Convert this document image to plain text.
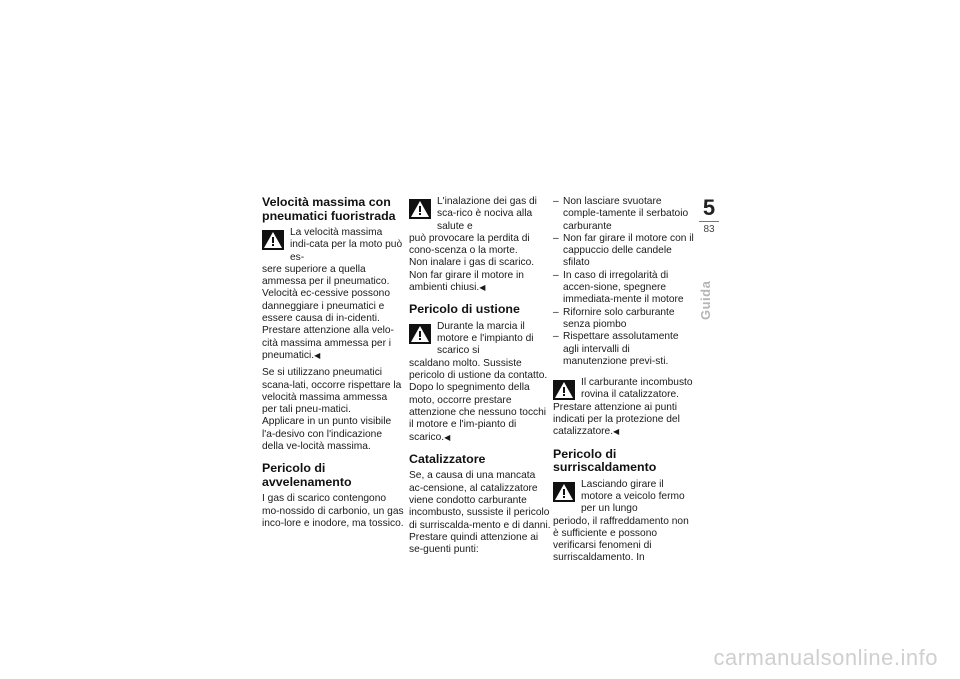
Velocità massima con pneumatici fuoristrada
La velocità massima indi-cata per la moto può es-

sere superiore a quella ammessa per il pneumatico. Velocità ec-cessive possono danneggiare i pneumatici e essere causa di in-cidenti.

Prestare attenzione alla velo-cità massima ammessa per i pneumatici.◀

Se si utilizzano pneumatici scana-lati, occorre rispettare la velocità massima ammessa per tali pneu-matici.

Applicare in un punto visibile l'a-desivo con l'indicazione della ve-locità massima.

Pericolo di avvelenamento

I gas di scarico contengono mo-nossido di carbonio, un gas inco-lore e inodore, ma tossico.

L'inalazione dei gas di sca-rico è nociva alla salute e

può provocare la perdita di cono-scenza o la morte.

Non inalare i gas di scarico. Non far girare il motore in ambienti chiusi.◀

Pericolo di ustione
Durante la marcia il motore e l'impianto di scarico si

scaldano molto. Sussiste pericolo di ustione da contatto.

Dopo lo spegnimento della moto, occorre prestare attenzione che nessuno tocchi il motore e l'im-pianto di scarico.◀

Catalizzatore

Se, a causa di una mancata ac-censione, al catalizzatore viene condotto carburante incombusto, sussiste il pericolo di surriscalda-mento e di danni.

Prestare quindi attenzione ai se-guenti punti:

– Non lasciare svuotare comple-tamente il serbatoio carburante
– Non far girare il motore con il cappuccio delle candele sfilato
– In caso di irregolarità di accen-sione, spegnere immediata-mente il motore
– Rifornire solo carburante senza piombo
– Rispettare assolutamente agli intervalli di manutenzione previ-sti.
Il carburante incombusto rovina il catalizzatore.

Prestare attenzione ai punti indicati per la protezione del catalizzatore.◀

Pericolo di surriscaldamento
Lasciando girare il motore a veicolo fermo per un lungo

periodo, il raffreddamento non è sufficiente e possono verificarsi fenomeni di surriscaldamento. In

5
83
Guida
carmanualsonline.info
